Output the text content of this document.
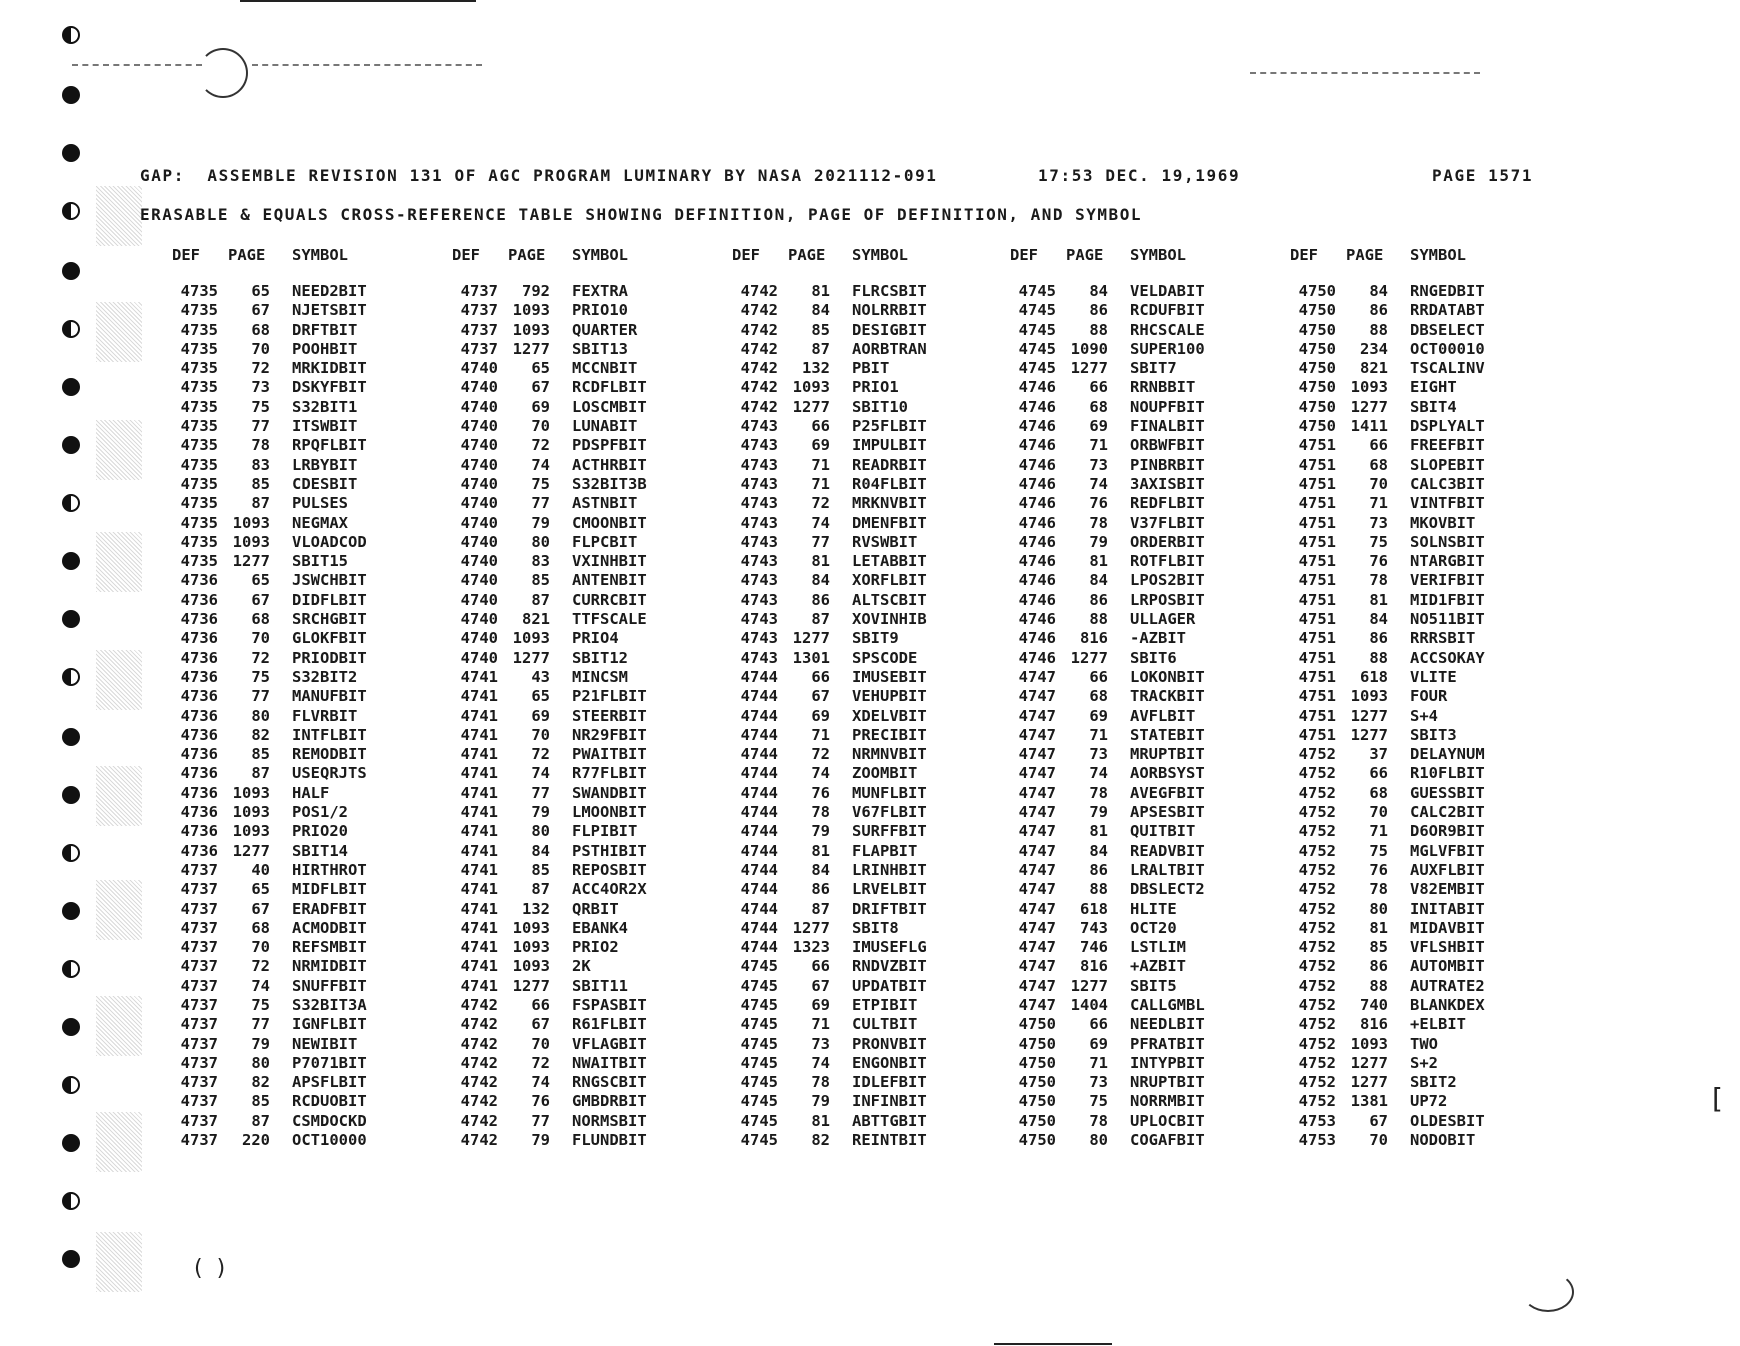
[
(  )

GAP:  ASSEMBLE REVISION 131 OF AGC PROGRAM LUMINARY BY NASA 2021112-091

	17:53 DEC. 19,1969

	PAGE 1571

ERASABLE & EQUALS CROSS-REFERENCE TABLE SHOWING DEFINITION, PAGE OF DEFINITION, AND SYMBOL
DEF	PAGE	SYMBOL
4735	65 NEED2BIT
4735	67 NJETSBIT
4735	68 DRFTBIT
4735	70 POOHBIT
4735	72 MRKIDBIT
4735	73 DSKYFBIT
4735	75 S32BIT1
4735	77 ITSWBIT
4735	78 RPQFLBIT
4735	83 LRBYBIT
4735	85 CDESBIT
4735	87 PULSES
4735 1093 NEGMAX
4735 1093 VLOADCOD
4735 1277 SBIT15
4736	65 JSWCHBIT
4736	67 DIDFLBIT
4736	68 SRCHGBIT
4736	70 GLOKFBIT
4736	72 PRIODBIT
4736	75 S32BIT2
4736	77 MANUFBIT
4736	80 FLVRBIT
4736	82 INTFLBIT
4736	85 REMODBIT
4736	87 USEQRJTS
4736 1093 HALF
4736 1093 POS1/2
4736 1093 PRIO20
4736 1277 SBIT14
4737	40 HIRTHROT
4737	65 MIDFLBIT
4737	67 ERADFBIT
4737	68 ACMODBIT
4737	70 REFSMBIT
4737	72 NRMIDBIT
4737	74 SNUFFBIT
4737	75 S32BIT3A
4737	77 IGNFLBIT
4737	79 NEWIBIT
4737	80 P7071BIT
4737	82 APSFLBIT
4737	85 RCDUOBIT
4737	87 CSMDOCKD
4737	220 OCT10000
DEF	PAGE	SYMBOL
4737	792 FEXTRA
4737 1093 PRIO10
4737 1093 QUARTER
4737 1277 SBIT13
4740	65 MCCNBIT
4740	67 RCDFLBIT
4740	69 LOSCMBIT
4740	70 LUNABIT
4740	72 PDSPFBIT
4740	74 ACTHRBIT
4740	75 S32BIT3B
4740	77 ASTNBIT
4740	79 CMOONBIT
4740	80 FLPCBIT
4740	83 VXINHBIT
4740	85 ANTENBIT
4740	87 CURRCBIT
4740	821 TTFSCALE
4740 1093 PRIO4
4740 1277 SBIT12
4741	43 MINCSM
4741	65 P21FLBIT
4741	69 STEERBIT
4741	70 NR29FBIT
4741	72 PWAITBIT
4741	74 R77FLBIT
4741	77 SWANDBIT
4741	79 LMOONBIT
4741	80 FLPIBIT
4741	84 PSTHIBIT
4741	85 REPOSBIT
4741	87 ACC4OR2X
4741	132 QRBIT
4741 1093 EBANK4
4741 1093 PRIO2
4741 1093 2K
4741 1277 SBIT11
4742	66 FSPASBIT
4742	67 R61FLBIT
4742	70 VFLAGBIT
4742	72 NWAITBIT
4742	74 RNGSCBIT
4742	76 GMBDRBIT
4742	77 NORMSBIT
4742	79 FLUNDBIT
DEF	PAGE	SYMBOL
4742	81 FLRCSBIT
4742	84 NOLRRBIT
4742	85 DESIGBIT
4742	87 AORBTRAN
4742	132 PBIT
4742 1093 PRIO1
4742 1277 SBIT10
4743	66 P25FLBIT
4743	69 IMPULBIT
4743	71 READRBIT
4743	71 R04FLBIT
4743	72 MRKNVBIT
4743	74 DMENFBIT
4743	77 RVSWBIT
4743	81 LETABBIT
4743	84 XORFLBIT
4743	86 ALTSCBIT
4743	87 XOVINHIB
4743 1277 SBIT9
4743 1301 SPSCODE
4744	66 IMUSEBIT
4744	67 VEHUPBIT
4744	69 XDELVBIT
4744	71 PRECIBIT
4744	72 NRMNVBIT
4744	74 ZOOMBIT
4744	76 MUNFLBIT
4744	78 V67FLBIT
4744	79 SURFFBIT
4744	81 FLAPBIT
4744	84 LRINHBIT
4744	86 LRVELBIT
4744	87 DRIFTBIT
4744 1277 SBIT8
4744 1323 IMUSEFLG
4745	66 RNDVZBIT
4745	67 UPDATBIT
4745	69 ETPIBIT
4745	71 CULTBIT
4745	73 PRONVBIT
4745	74 ENGONBIT
4745	78 IDLEFBIT
4745	79 INFINBIT
4745	81 ABTTGBIT
4745	82 REINTBIT
DEF	PAGE	SYMBOL
4745	84 VELDABIT
4745	86 RCDUFBIT
4745	88 RHCSCALE
4745 1090 SUPER100
4745 1277 SBIT7
4746	66 RRNBBIT
4746	68 NOUPFBIT
4746	69 FINALBIT
4746	71 ORBWFBIT
4746	73 PINBRBIT
4746	74 3AXISBIT
4746	76 REDFLBIT
4746	78 V37FLBIT
4746	79 ORDERBIT
4746	81 ROTFLBIT
4746	84 LPOS2BIT
4746	86 LRPOSBIT
4746	88 ULLAGER
4746	816 -AZBIT
4746 1277 SBIT6
4747	66 LOKONBIT
4747	68 TRACKBIT
4747	69 AVFLBIT
4747	71 STATEBIT
4747	73 MRUPTBIT
4747	74 AORBSYST
4747	78 AVEGFBIT
4747	79 APSESBIT
4747	81 QUITBIT
4747	84 READVBIT
4747	86 LRALTBIT
4747	88 DBSLECT2
4747	618 HLITE
4747	743 OCT20
4747	746 LSTLIM
4747	816 +AZBIT
4747 1277 SBIT5
4747 1404 CALLGMBL
4750	66 NEEDLBIT
4750	69 PFRATBIT
4750	71 INTYPBIT
4750	73 NRUPTBIT
4750	75 NORRMBIT
4750	78 UPLOCBIT
4750	80 COGAFBIT
DEF	PAGE	SYMBOL
4750	84 RNGEDBIT
4750	86 RRDATABT
4750	88 DBSELECT
4750	234 OCT00010
4750	821 TSCALINV
4750 1093 EIGHT
4750 1277 SBIT4
4750 1411 DSPLYALT
4751	66 FREEFBIT
4751	68 SLOPEBIT
4751	70 CALC3BIT
4751	71 VINTFBIT
4751	73 MKOVBIT
4751	75 SOLNSBIT
4751	76 NTARGBIT
4751	78 VERIFBIT
4751	81 MID1FBIT
4751	84 NO511BIT
4751	86 RRRSBIT
4751	88 ACCSOKAY
4751	618 VLITE
4751 1093 FOUR
4751 1277 S+4
4751 1277 SBIT3
4752	37 DELAYNUM
4752	66 R10FLBIT
4752	68 GUESSBIT
4752	70 CALC2BIT
4752	71 D6OR9BIT
4752	75 MGLVFBIT
4752	76 AUXFLBIT
4752	78 V82EMBIT
4752	80 INITABIT
4752	81 MIDAVBIT
4752	85 VFLSHBIT
4752	86 AUTOMBIT
4752	88 AUTRATE2
4752	740 BLANKDEX
4752	816 +ELBIT
4752 1093 TWO
4752 1277 S+2
4752 1277 SBIT2
4752 1381 UP72
4753	67 OLDESBIT
4753	70 NODOBIT
